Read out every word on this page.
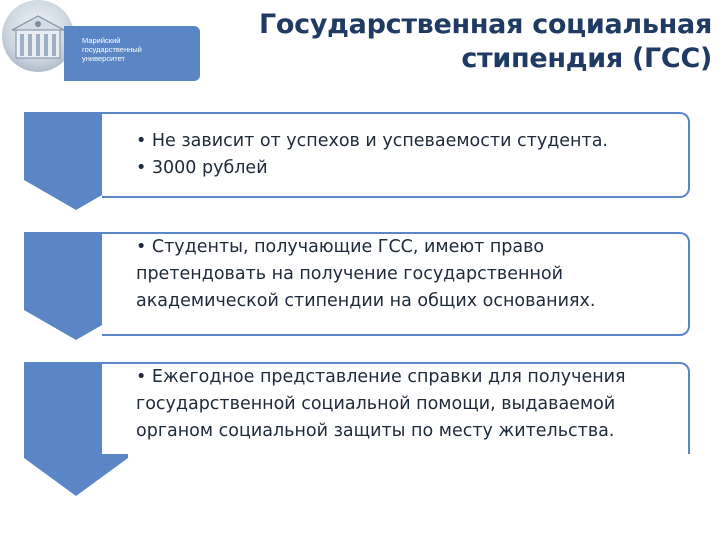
Марийский
государственный
университет
Государственная социальная
стипендия (ГСС)
• Не зависит от успехов и успеваемости студента.
• 3000 рублей
• Студенты, получающие ГСС, имеют право
претендовать на получение государственной
академической стипендии на общих основаниях.
• Ежегодное представление справки для получения
государственной социальной помощи, выдаваемой
органом социальной защиты по месту жительства.
